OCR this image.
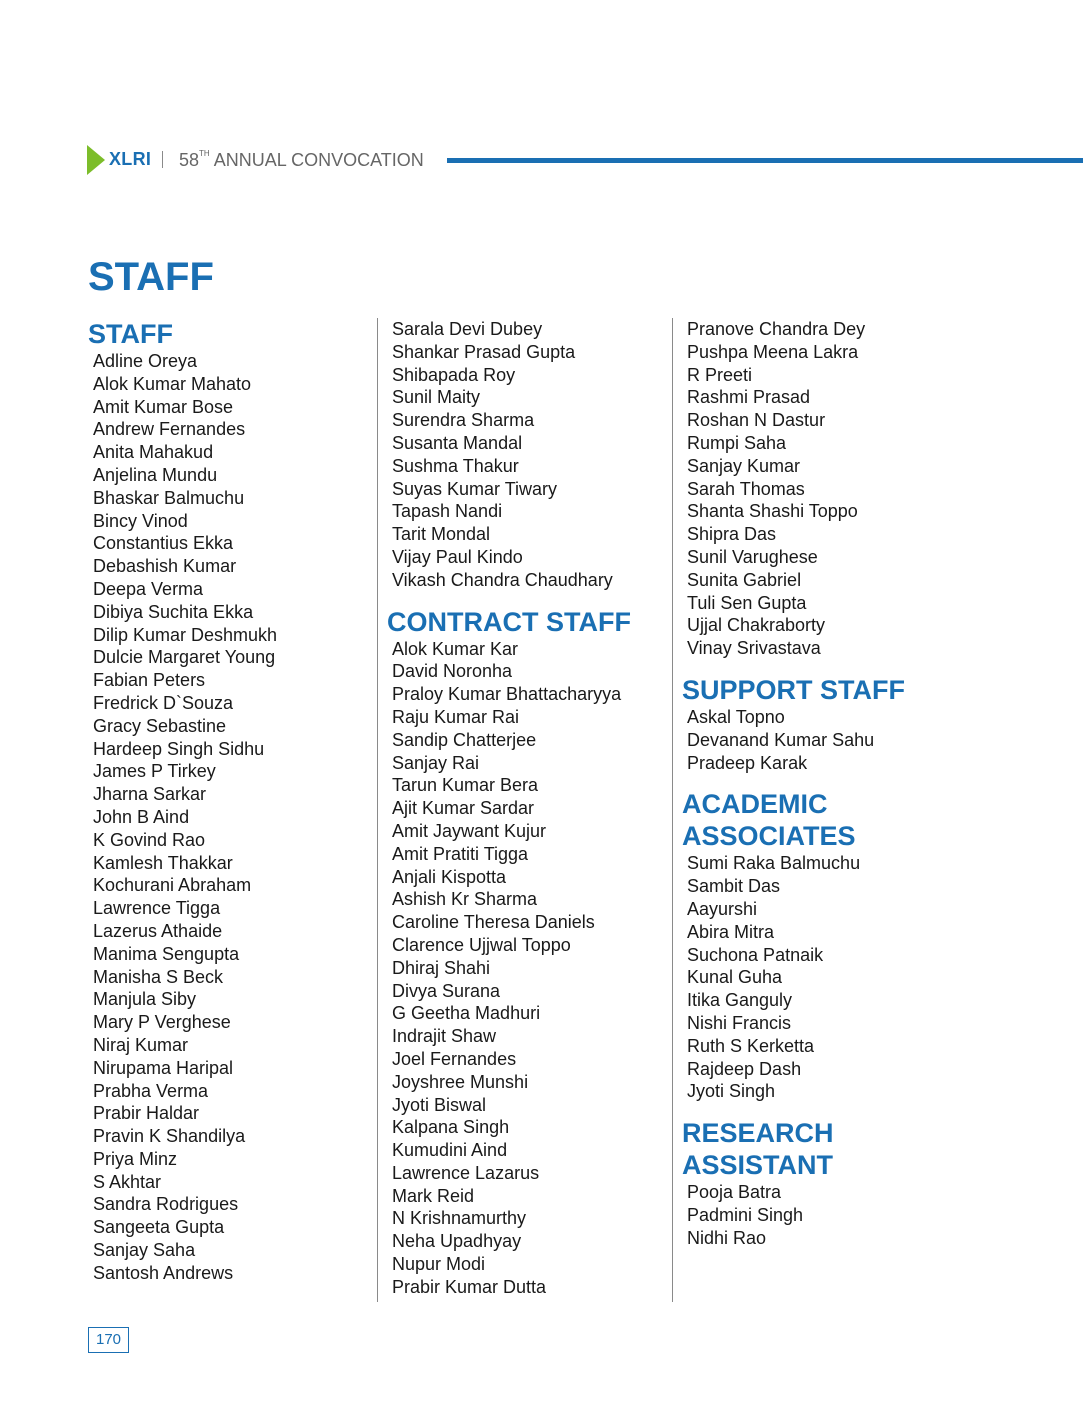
XLRI 58TH ANNUAL CONVOCATION
STAFF
STAFF
Adline Oreya
Alok Kumar Mahato
Amit Kumar Bose
Andrew Fernandes
Anita Mahakud
Anjelina Mundu
Bhaskar Balmuchu
Bincy Vinod
Constantius Ekka
Debashish Kumar
Deepa Verma
Dibiya Suchita Ekka
Dilip Kumar Deshmukh
Dulcie Margaret Young
Fabian Peters
Fredrick D`Souza
Gracy Sebastine
Hardeep Singh Sidhu
James P Tirkey
Jharna Sarkar
John B Aind
K Govind Rao
Kamlesh Thakkar
Kochurani Abraham
Lawrence Tigga
Lazerus Athaide
Manima Sengupta
Manisha S Beck
Manjula Siby
Mary P Verghese
Niraj Kumar
Nirupama Haripal
Prabha Verma
Prabir Haldar
Pravin K Shandilya
Priya Minz
S Akhtar
Sandra Rodrigues
Sangeeta Gupta
Sanjay Saha
Santosh Andrews
Sarala Devi Dubey
Shankar Prasad Gupta
Shibapada Roy
Sunil Maity
Surendra Sharma
Susanta Mandal
Sushma Thakur
Suyas Kumar Tiwary
Tapash Nandi
Tarit Mondal
Vijay Paul Kindo
Vikash Chandra Chaudhary
CONTRACT STAFF
Alok Kumar Kar
David Noronha
Praloy Kumar Bhattacharyya
Raju Kumar Rai
Sandip Chatterjee
Sanjay Rai
Tarun Kumar Bera
Ajit Kumar Sardar
Amit Jaywant Kujur
Amit Pratiti Tigga
Anjali Kispotta
Ashish Kr Sharma
Caroline Theresa Daniels
Clarence Ujjwal Toppo
Dhiraj Shahi
Divya Surana
G Geetha Madhuri
Indrajit Shaw
Joel Fernandes
Joyshree Munshi
Jyoti Biswal
Kalpana Singh
Kumudini Aind
Lawrence Lazarus
Mark Reid
N Krishnamurthy
Neha Upadhyay
Nupur Modi
Prabir Kumar Dutta
Pranove Chandra Dey
Pushpa Meena Lakra
R Preeti
Rashmi Prasad
Roshan N Dastur
Rumpi Saha
Sanjay Kumar
Sarah Thomas
Shanta Shashi Toppo
Shipra Das
Sunil Varughese
Sunita Gabriel
Tuli Sen Gupta
Ujjal Chakraborty
Vinay Srivastava
SUPPORT STAFF
Askal Topno
Devanand Kumar Sahu
Pradeep Karak
ACADEMIC
ASSOCIATES
Sumi Raka Balmuchu
Sambit Das
Aayurshi
Abira Mitra
Suchona Patnaik
Kunal Guha
Itika Ganguly
Nishi Francis
Ruth S Kerketta
Rajdeep Dash
Jyoti Singh
RESEARCH
ASSISTANT
Pooja Batra
Padmini Singh
Nidhi Rao
170
